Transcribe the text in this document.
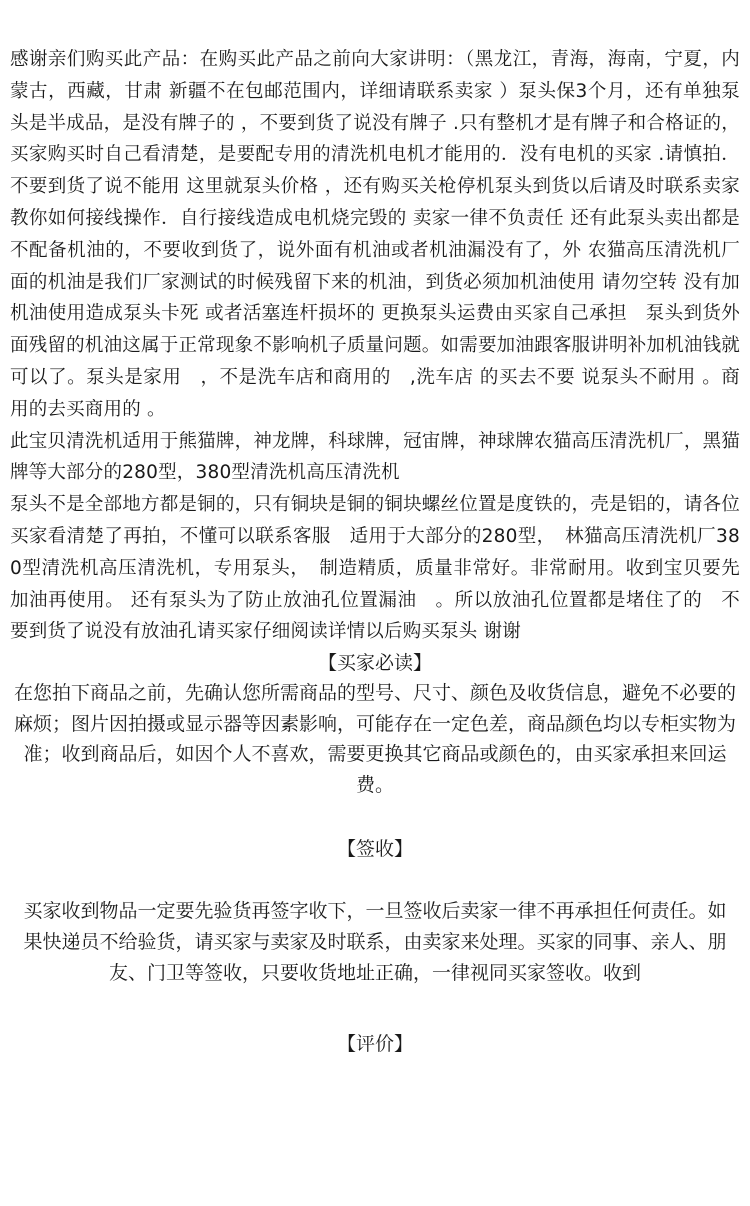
感谢亲们购买此产品：在购买此产品之前向大家讲明：（黑龙江，青海，海南，宁夏，内蒙古，西藏，甘肃 新疆不在包邮范围内，详细请联系卖家 ）泵头保3个月，还有单独泵头是半成品，是没有牌子的 ，不要到货了说没有牌子 .只有整机才是有牌子和合格证的，买家购买时自己看清楚，是要配专用的清洗机电机才能用的．没有电机的买家 .请慎拍．不要到货了说不能用 这里就泵头价格 ，还有购买关枪停机泵头到货以后请及时联系卖家教你如何接线操作．自行接线造成电机烧完毁的 卖家一律不负责任 还有此泵头卖出都是不配备机油的，不要收到货了，说外面有机油或者机油漏没有了，外 农猫高压清洗机厂面的机油是我们厂家测试的时候残留下来的机油，到货必须加机油使用 请勿空转 没有加机油使用造成泵头卡死 或者活塞连杆损坏的 更换泵头运费由买家自己承担　泵头到货外面残留的机油这属于正常现象不影响机子质量问题。如需要加油跟客服讲明补加机油钱就可以了。泵头是家用　，不是洗车店和商用的　,洗车店 的买去不要 说泵头不耐用 。商用的去买商用的 。

此宝贝清洗机适用于熊猫牌，神龙牌，科球牌，冠宙牌，神球牌农猫高压清洗机厂，黑猫牌等大部分的280型，380型清洗机高压清洗机

泵头不是全部地方都是铜的，只有铜块是铜的铜块螺丝位置是度铁的，壳是铝的，请各位买家看清楚了再拍，不懂可以联系客服　适用于大部分的280型，　林猫高压清洗机厂380型清洗机高压清洗机，专用泵头，　制造精质，质量非常好。非常耐用。收到宝贝要先加油再使用。 还有泵头为了防止放油孔位置漏油　。所以放油孔位置都是堵住了的　不要到货了说没有放油孔请买家仔细阅读详情以后购买泵头 谢谢

【买家必读】

在您拍下商品之前，先确认您所需商品的型号、尺寸、颜色及收货信息，避免不必要的麻烦；图片因拍摄或显示器等因素影响，可能存在一定色差，商品颜色均以专柜实物为准；收到商品后，如因个人不喜欢，需要更换其它商品或颜色的，由买家承担来回运费。

【签收】

买家收到物品一定要先验货再签字收下，一旦签收后卖家一律不再承担任何责任。如果快递员不给验货，请买家与卖家及时联系，由卖家来处理。买家的同事、亲人、朋友、门卫等签收，只要收货地址正确，一律视同买家签收。收到

【评价】
